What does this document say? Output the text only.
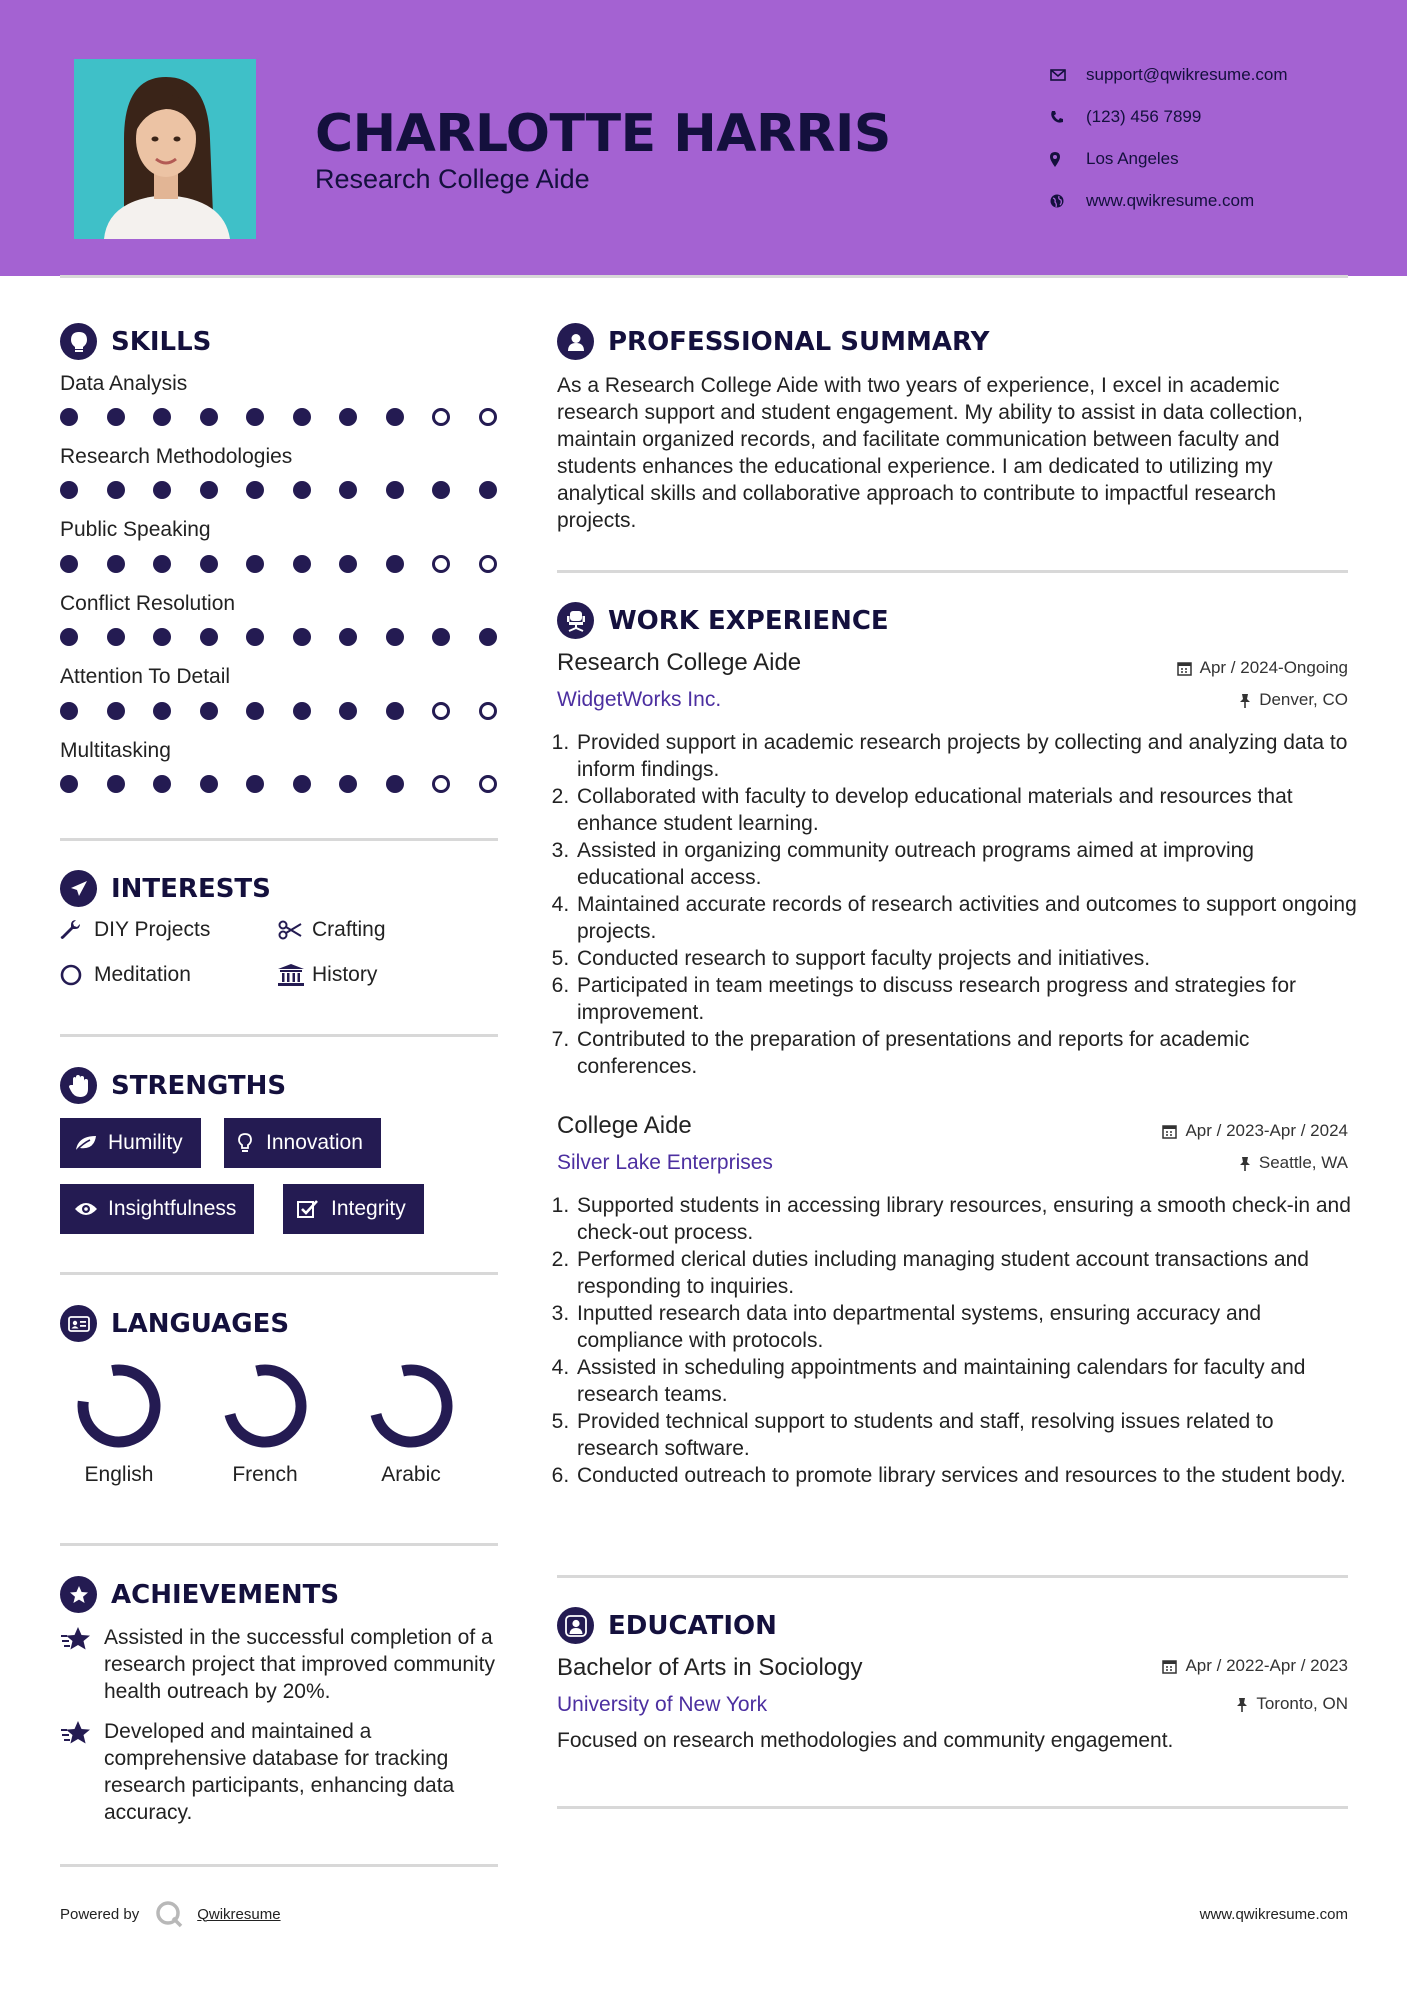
CHARLOTTE HARRIS
Research College Aide
support@qwikresume.com
(123) 456 7899
Los Angeles
www.qwikresume.com
SKILLS
Data Analysis
Research Methodologies
Public Speaking
Conflict Resolution
Attention To Detail
Multitasking
INTERESTS
DIY Projects	Crafting
Meditation	History
STRENGTHS
Humility	Innovation
Insightfulness	Integrity
LANGUAGES
English	French	Arabic
ACHIEVEMENTS
Assisted in the successful completion of a research project that improved community health outreach by 20%.
Developed and maintained a comprehensive database for tracking research participants, enhancing data accuracy.
PROFESSIONAL SUMMARY
As a Research College Aide with two years of experience, I excel in academic research support and student engagement. My ability to assist in data collection, maintain organized records, and facilitate communication between faculty and students enhances the educational experience. I am dedicated to utilizing my analytical skills and collaborative approach to contribute to impactful research projects.
WORK EXPERIENCE
Research College Aide	Apr / 2024-Ongoing
WidgetWorks Inc.	Denver, CO
1. Provided support in academic research projects by collecting and analyzing data to inform findings.
2. Collaborated with faculty to develop educational materials and resources that enhance student learning.
3. Assisted in organizing community outreach programs aimed at improving educational access.
4. Maintained accurate records of research activities and outcomes to support ongoing projects.
5. Conducted research to support faculty projects and initiatives.
6. Participated in team meetings to discuss research progress and strategies for improvement.
7. Contributed to the preparation of presentations and reports for academic conferences.
College Aide	Apr / 2023-Apr / 2024
Silver Lake Enterprises	Seattle, WA
1. Supported students in accessing library resources, ensuring a smooth check-in and check-out process.
2. Performed clerical duties including managing student account transactions and responding to inquiries.
3. Inputted research data into departmental systems, ensuring accuracy and compliance with protocols.
4. Assisted in scheduling appointments and maintaining calendars for faculty and research teams.
5. Provided technical support to students and staff, resolving issues related to research software.
6. Conducted outreach to promote library services and resources to the student body.
EDUCATION
Bachelor of Arts in Sociology	Apr / 2022-Apr / 2023
University of New York	Toronto, ON
Focused on research methodologies and community engagement.
Powered by	Qwikresume	www.qwikresume.com
